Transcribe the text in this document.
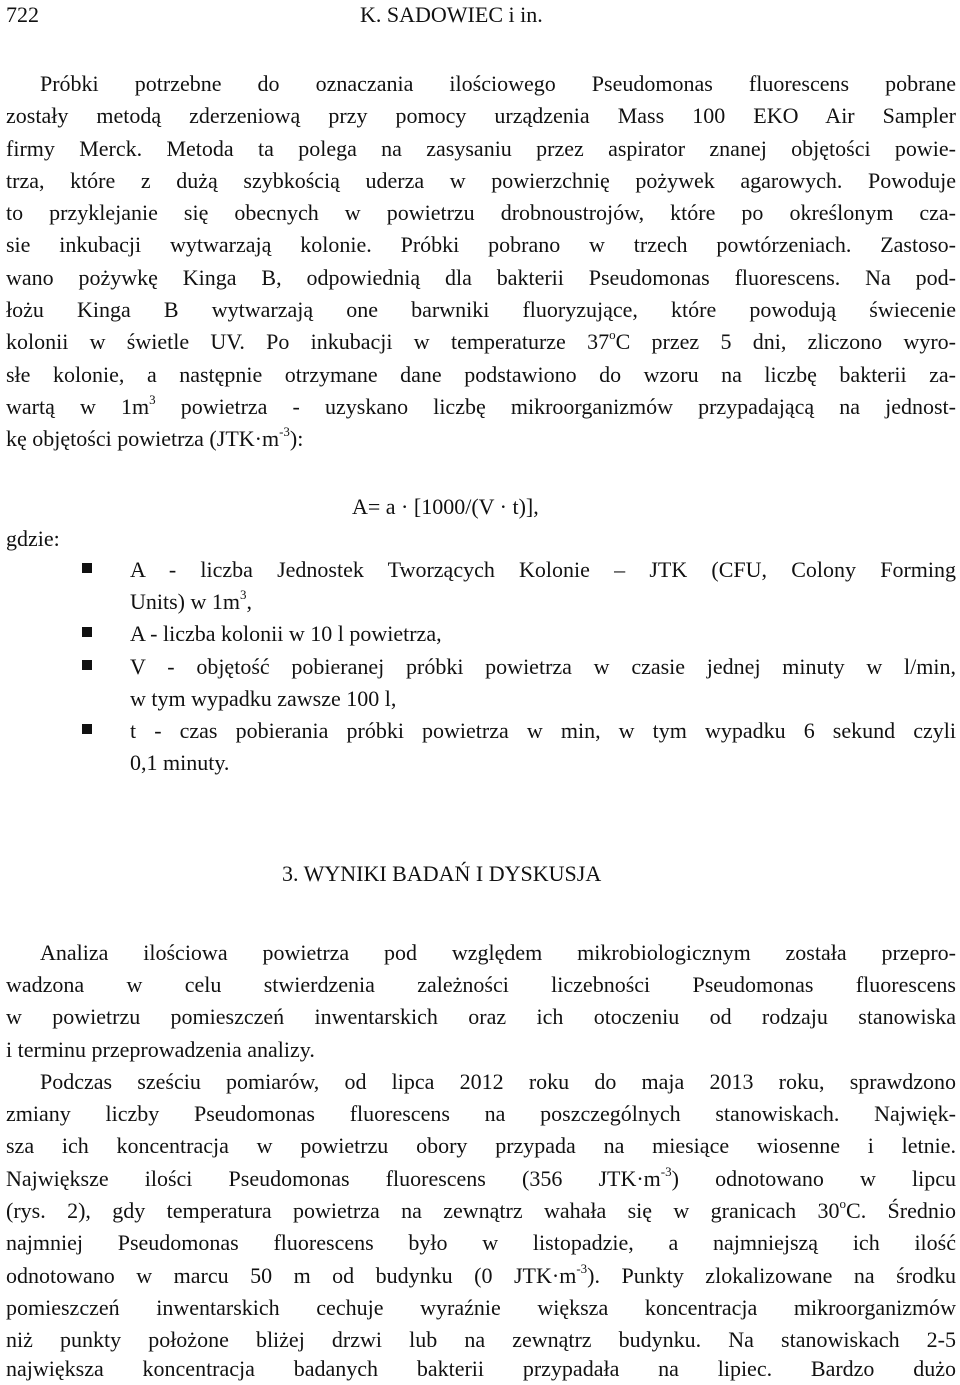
722	K. SADOWIEC i in.
Próbki potrzebne do oznaczania ilościowego Pseudomonas fluorescens pobrane
zostały metodą zderzeniową przy pomocy urządzenia Mass 100 EKO Air Sampler
firmy Merck. Metoda ta polega na zasysaniu przez aspirator znanej objętości powie-
trza, które z dużą szybkością uderza w powierzchnię pożywek agarowych. Powoduje
to przyklejanie się obecnych w powietrzu drobnoustrojów, które po określonym cza-
sie inkubacji wytwarzają kolonie. Próbki pobrano w trzech powtórzeniach. Zastoso-
wano pożywkę Kinga B, odpowiednią dla bakterii Pseudomonas fluorescens. Na pod-
łożu Kinga B wytwarzają one barwniki fluoryzujące, które powodują świecenie
kolonii w świetle UV. Po inkubacji w temperaturze 37$^o$C przez 5 dni, zliczono wyro-
słe kolonie, a następnie otrzymane dane podstawiono do wzoru na liczbę bakterii za-
wartą w $1m^3$ powietrza - uzyskano liczbę mikroorganizmów przypadającą na jednost-
kę objętości powietrza $(JTK\cdot m^{-3})$:
A= a · [1000/(V · t)],
gdzie:
A - liczba Jednostek Tworzących Kolonie – JTK (CFU, Colony Forming
Units) w $1m^3$,
A - liczba kolonii w 10 l powietrza,
V - objętość pobieranej próbki powietrza w czasie jednej minuty w l/min,
w tym wypadku zawsze 100 l,
t - czas pobierania próbki powietrza w min, w tym wypadku 6 sekund czyli
0,1 minuty.
3. WYNIKI BADAŃ I DYSKUSJA
Analiza ilościowa powietrza pod względem mikrobiologicznym została przepro-
wadzona w celu stwierdzenia zależności liczebności Pseudomonas fluorescens
w powietrzu pomieszczeń inwentarskich oraz ich otoczeniu od rodzaju stanowiska
i terminu przeprowadzenia analizy.
Podczas sześciu pomiarów, od lipca 2012 roku do maja 2013 roku, sprawdzono
zmiany liczby Pseudomonas fluorescens na poszczególnych stanowiskach. Najwięk-
sza ich koncentracja w powietrzu obory przypada na miesiące wiosenne i letnie.
Największe ilości Pseudomonas fluorescens (356 $JTK\cdot m^{-3}$) odnotowano w lipcu
(rys. 2), gdy temperatura powietrza na zewnątrz wahała się w granicach 30$^o$C. Średnio
najmniej Pseudomonas fluorescens było w listopadzie, a najmniejszą ich ilość
odnotowano w marcu 50 m od budynku (0 $JTK\cdot m^{-3}$). Punkty zlokalizowane na środku
pomieszczeń inwentarskich cechuje wyraźnie większa koncentracja mikroorganizmów
niż punkty położone bliżej drzwi lub na zewnątrz budynku. Na stanowiskach 2-5
największa koncentracja badanych bakterii przypadała na lipiec. Bardzo dużo
